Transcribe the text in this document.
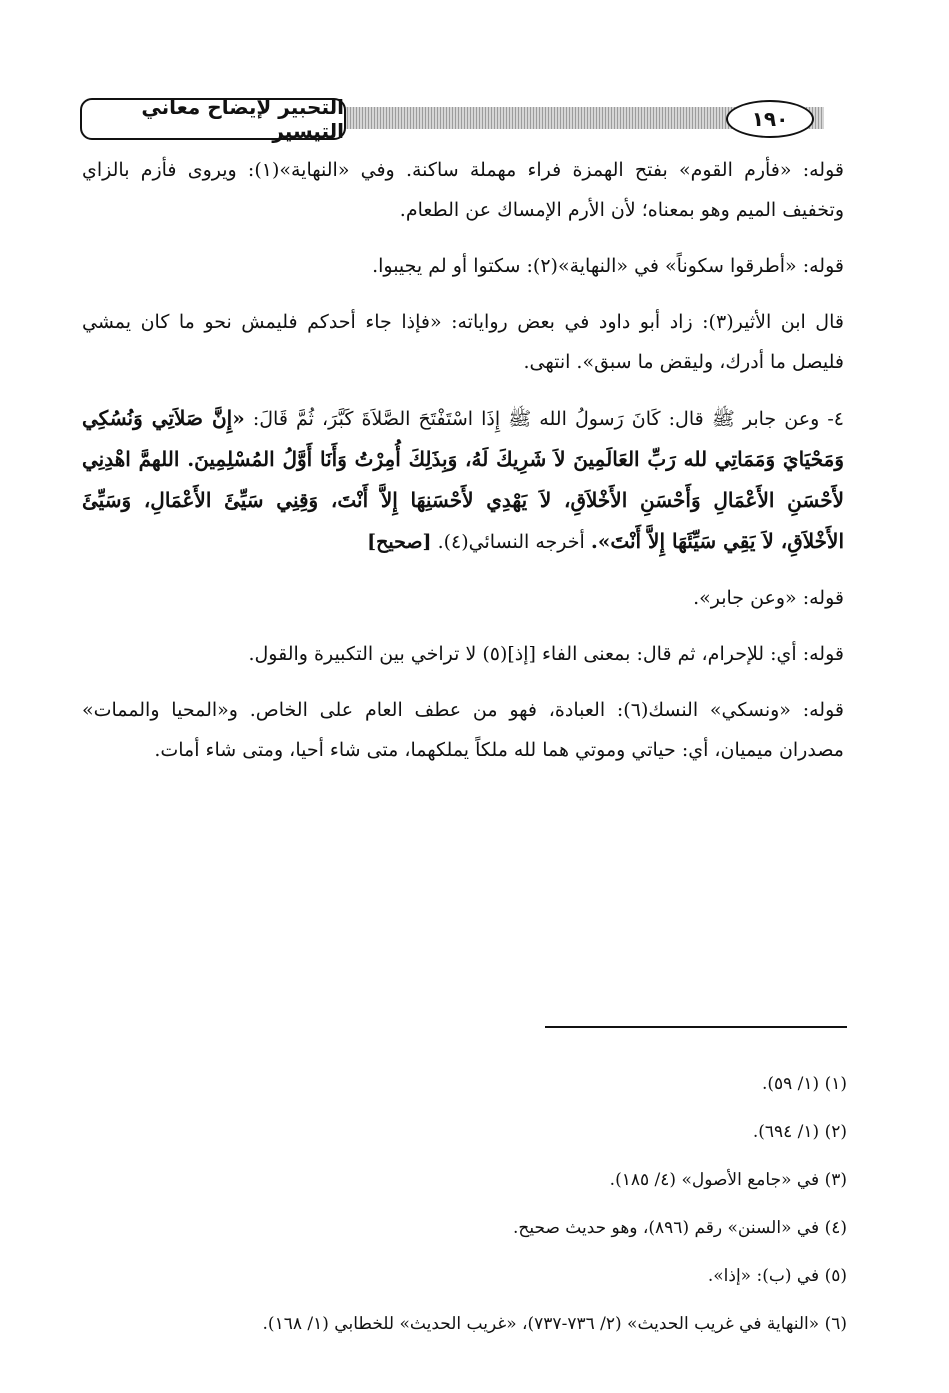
التحبير لإيضاح معاني التيسير	١٩٠

قوله: «فأرم القوم» بفتح الهمزة فراء مهملة ساكنة. وفي «النهاية»(١): ويروى فأزم بالزاي وتخفيف الميم وهو بمعناه؛ لأن الأرم الإمساك عن الطعام.

قوله: «أطرقوا سكوناً» في «النهاية»(٢): سكتوا أو لم يجيبوا.

قال ابن الأثير(٣): زاد أبو داود في بعض رواياته: «فإذا جاء أحدكم فليمش نحو ما كان يمشي فليصل ما أدرك، وليقض ما سبق». انتهى.

٤- وعن جابر ﷺ قال: كَانَ رَسولُ الله ﷺ إِذَا اسْتَفْتَحَ الصَّلاَةَ كَبَّرَ، ثُمَّ قَالَ: «إِنَّ صَلاَتِي وَنُسُكِي وَمَحْيَايَ وَمَمَاتِي لله رَبِّ العَالَمِينَ لاَ شَرِيكَ لَهُ، وَبِذَلِكَ أُمِرْتُ وَأَنَا أَوَّلُ المُسْلِمِينَ. اللهمَّ اهْدِنِي لأَحْسَنِ الأَعْمَالِ وَأَحْسَنِ الأَخْلاَقِ، لاَ يَهْدِي لأَحْسَنِهَا إِلاَّ أَنْتَ، وَقِنِي سَيِّئَ الأَعْمَالِ، وَسَيِّئَ الأَخْلاَقِ، لاَ يَقِي سَيِّئَهَا إِلاَّ أَنْتَ». أخرجه النسائي(٤). [صحيح]

قوله: «وعن جابر».

قوله: أي: للإحرام، ثم قال: بمعنى الفاء [إذ](٥) لا تراخي بين التكبيرة والقول.

قوله: «ونسكي» النسك(٦): العبادة، فهو من عطف العام على الخاص. و«المحيا والممات» مصدران ميميان، أي: حياتي وموتي هما لله ملكاً يملكهما، متى شاء أحيا، ومتى شاء أمات.

(١) (١/ ٥٩).
(٢) (١/ ٦٩٤).
(٣) في «جامع الأصول» (٤/ ١٨٥).
(٤) في «السنن» رقم (٨٩٦)، وهو حديث صحيح.
(٥) في (ب): «إذا».
(٦) «النهاية في غريب الحديث» (٢/ ٧٣٦-٧٣٧)، «غريب الحديث» للخطابي (١/ ١٦٨).
